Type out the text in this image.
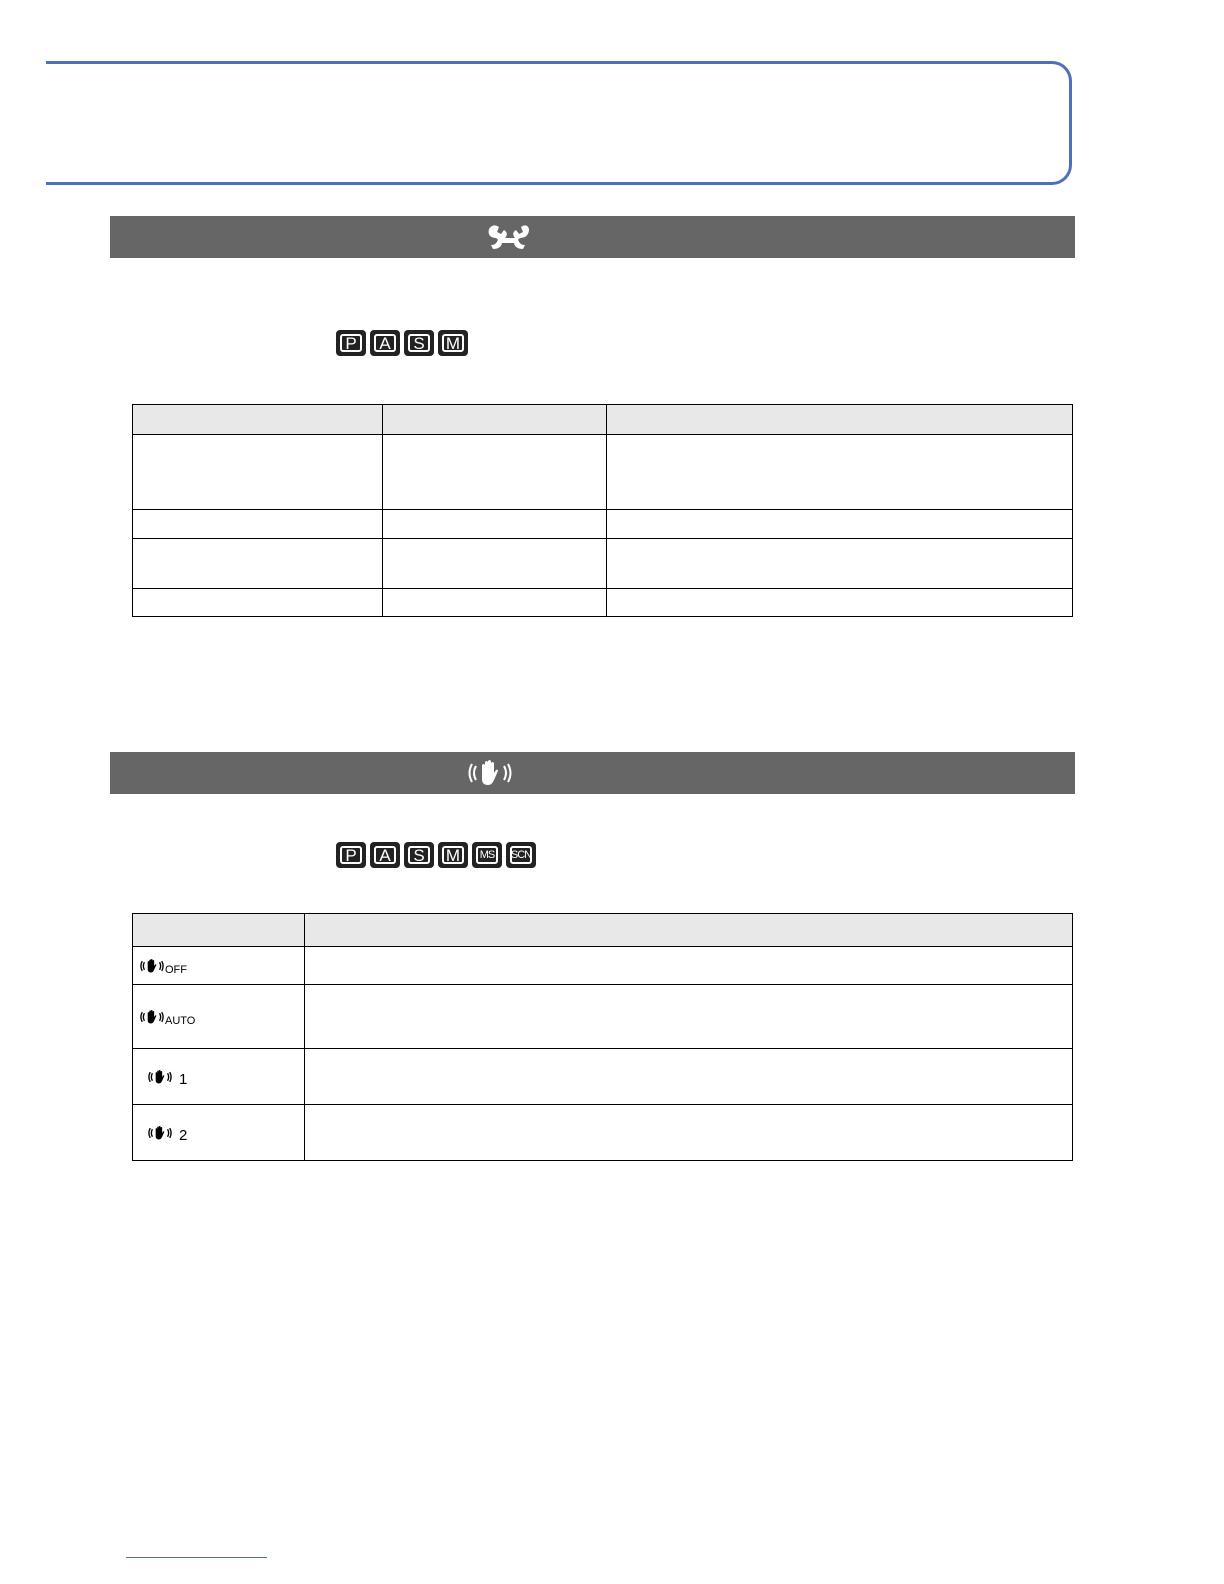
P	A	S	M

P	A	S	M	MS	SCN

OFF	

AUTO	

1	

2	
